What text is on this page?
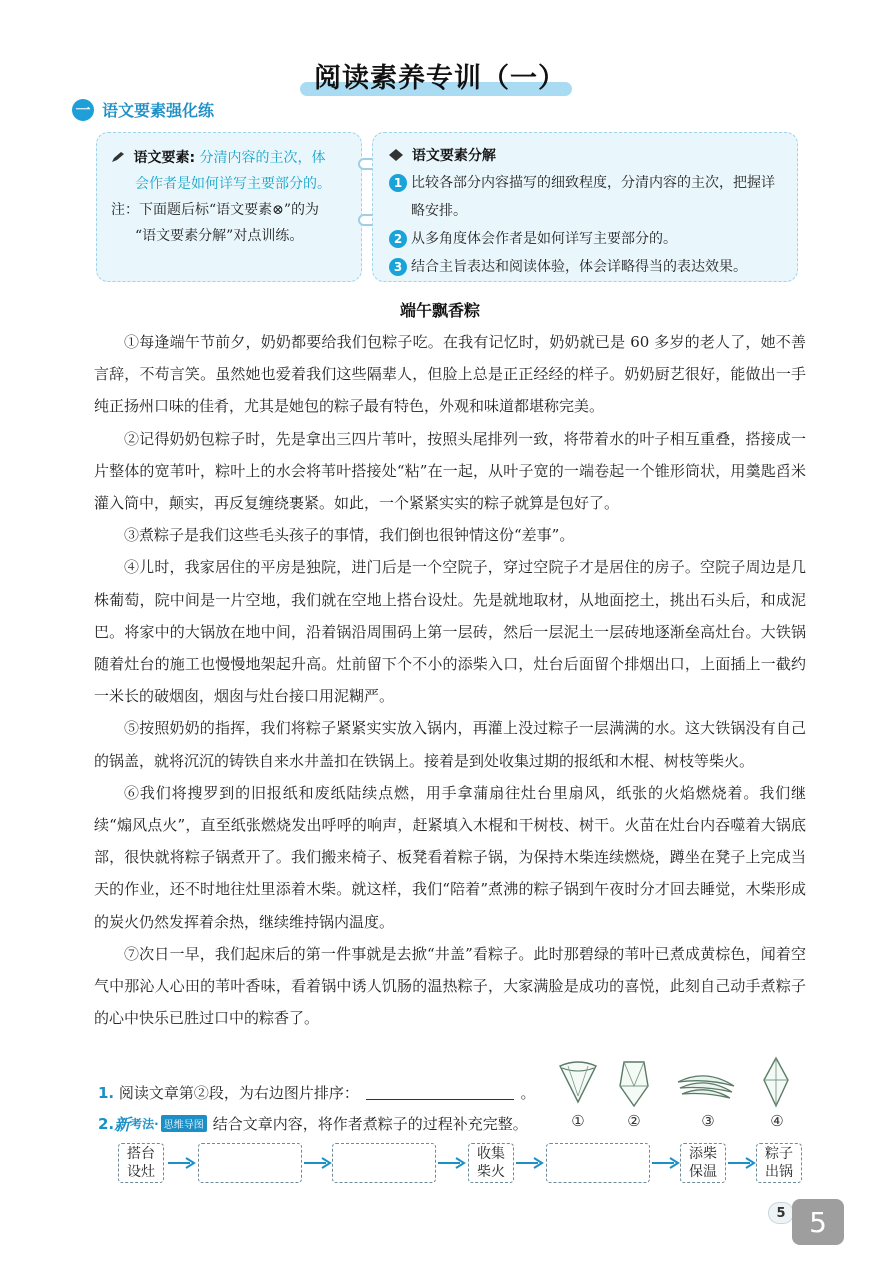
阅读素养专训（一）
一 语文要素强化练
语文要素: 分清内容的主次，体
会作者是如何详写主要部分的。
注：下面题后标“语文要素⊗”的为
“语文要素分解”对点训练。
语文要素分解
1 比较各部分内容描写的细致程度，分清内容的主次，把握详略安排。
2 从多角度体会作者是如何详写主要部分的。
3 结合主旨表达和阅读体验，体会详略得当的表达效果。
端午飘香粽

①每逢端午节前夕，奶奶都要给我们包粽子吃。在我有记忆时，奶奶就已是 60 多岁的老人了，她不善言辞，不苟言笑。虽然她也爱着我们这些隔辈人，但脸上总是正正经经的样子。奶奶厨艺很好，能做出一手纯正扬州口味的佳肴，尤其是她包的粽子最有特色，外观和味道都堪称完美。

②记得奶奶包粽子时，先是拿出三四片苇叶，按照头尾排列一致，将带着水的叶子相互重叠，搭接成一片整体的宽苇叶，粽叶上的水会将苇叶搭接处“粘”在一起，从叶子宽的一端卷起一个锥形筒状，用羹匙舀米灌入筒中，颠实，再反复缠绕裹紧。如此，一个紧紧实实的粽子就算是包好了。

③煮粽子是我们这些毛头孩子的事情，我们倒也很钟情这份“差事”。

④儿时，我家居住的平房是独院，进门后是一个空院子，穿过空院子才是居住的房子。空院子周边是几株葡萄，院中间是一片空地，我们就在空地上搭台设灶。先是就地取材，从地面挖土，挑出石头后，和成泥巴。将家中的大锅放在地中间，沿着锅沿周围码上第一层砖，然后一层泥土一层砖地逐渐垒高灶台。大铁锅随着灶台的施工也慢慢地架起升高。灶前留下个不小的添柴入口，灶台后面留个排烟出口，上面插上一截约一米长的破烟囱，烟囱与灶台接口用泥糊严。

⑤按照奶奶的指挥，我们将粽子紧紧实实放入锅内，再灌上没过粽子一层满满的水。这大铁锅没有自己的锅盖，就将沉沉的铸铁自来水井盖扣在铁锅上。接着是到处收集过期的报纸和木棍、树枝等柴火。

⑥我们将搜罗到的旧报纸和废纸陆续点燃，用手拿蒲扇往灶台里扇风，纸张的火焰燃烧着。我们继续“煽风点火”，直至纸张燃烧发出呼呼的响声，赶紧填入木棍和干树枝、树干。火苗在灶台内吞噬着大锅底部，很快就将粽子锅煮开了。我们搬来椅子、板凳看着粽子锅，为保持木柴连续燃烧，蹲坐在凳子上完成当天的作业，还不时地往灶里添着木柴。就这样，我们“陪着”煮沸的粽子锅到午夜时分才回去睡觉，木柴形成的炭火仍然发挥着余热，继续维持锅内温度。

⑦次日一早，我们起床后的第一件事就是去掀“井盖”看粽子。此时那碧绿的苇叶已煮成黄棕色，闻着空气中那沁人心田的苇叶香味，看着锅中诱人饥肠的温热粽子，大家满脸是成功的喜悦，此刻自己动手煮粽子的心中快乐已胜过口中的粽香了。

1. 阅读文章第②段，为右边图片排序：	。
2. 新 考法· 思维导图 结合文章内容，将作者煮粽子的过程补充完整。	①	②	③	④
搭台设灶
收集柴火
添柴保温
粽子出锅
5 5
